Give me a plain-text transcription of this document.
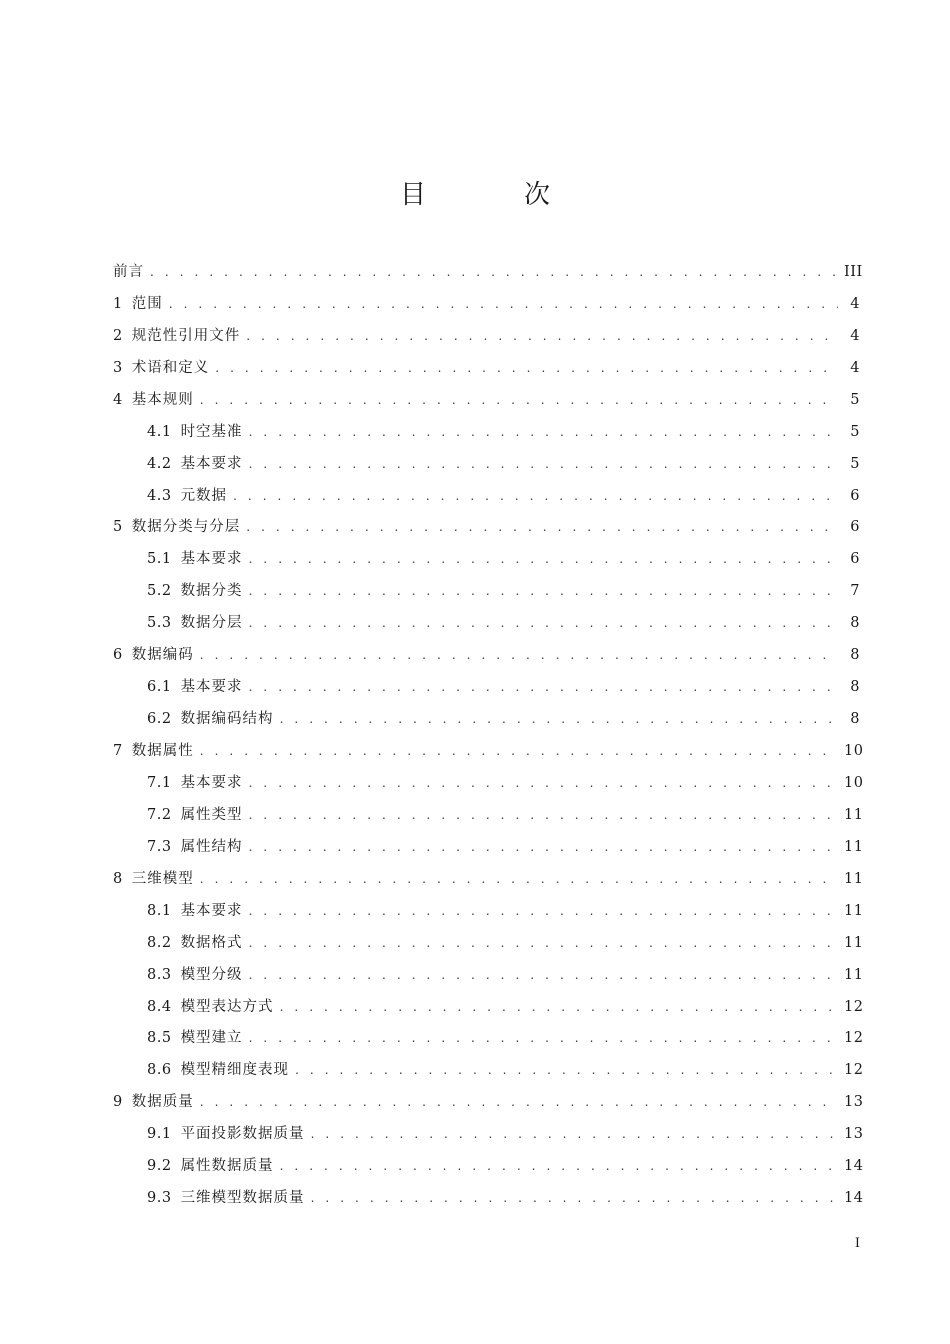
目　次
前言 . . .	III
1 范围 . . .	4
2 规范性引用文件 . . .	4
3 术语和定义 . . .	4
4 基本规则 . . .	5
4.1 时空基准 . . .	5
4.2 基本要求 . . .	5
4.3 元数据 . . .	6
5 数据分类与分层 . . .	6
5.1 基本要求 . . .	6
5.2 数据分类 . . .	7
5.3 数据分层 . . .	8
6 数据编码 . . .	8
6.1 基本要求 . . .	8
6.2 数据编码结构 . . .	8
7 数据属性 . . .	10
7.1 基本要求 . . .	10
7.2 属性类型 . . .	11
7.3 属性结构 . . .	11
8 三维模型 . . .	11
8.1 基本要求 . . .	11
8.2 数据格式 . . .	11
8.3 模型分级 . . .	11
8.4 模型表达方式 . . .	12
8.5 模型建立 . . .	12
8.6 模型精细度表现 . . .	12
9 数据质量 . . .	13
9.1 平面投影数据质量 . . .	13
9.2 属性数据质量 . . .	14
9.3 三维模型数据质量 . . .	14
I
